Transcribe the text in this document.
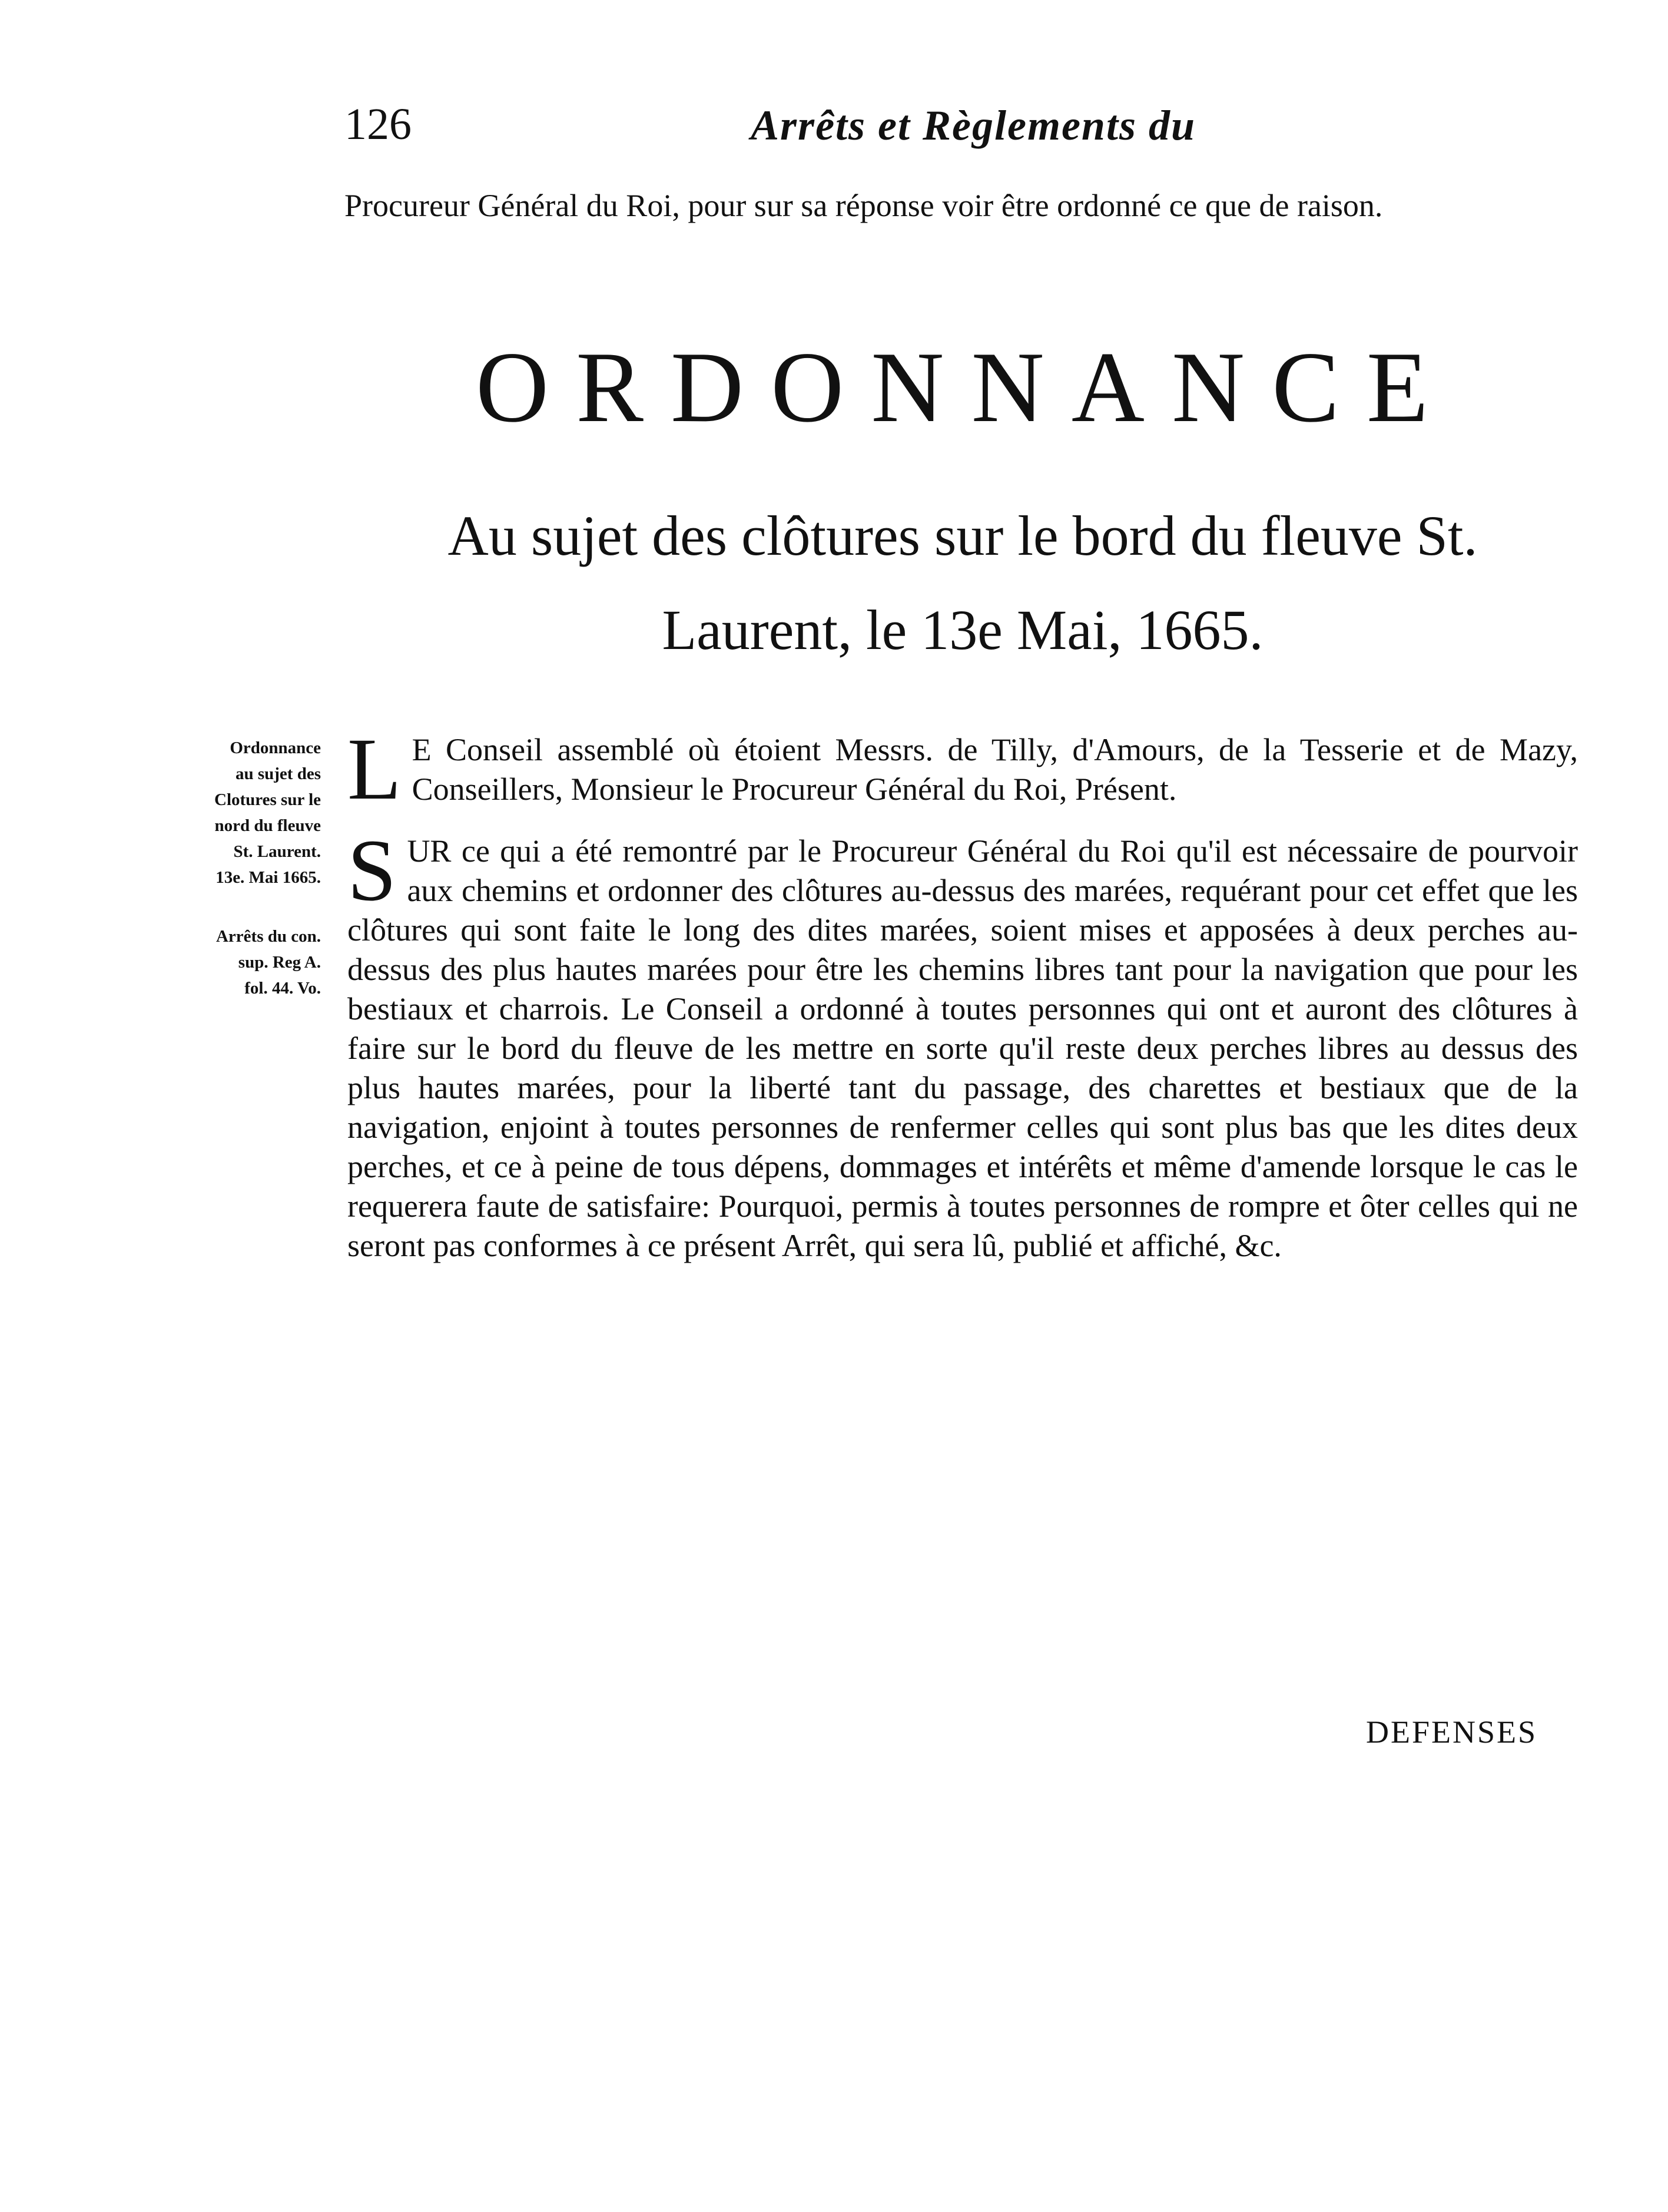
126	Arrêts et Règlements du
Procureur Général du Roi, pour sur sa réponse voir être ordonné ce que de raison.
ORDONNANCE
Au sujet des clôtures sur le bord du fleuve St.
Laurent, le 13e Mai, 1665.
Ordonnance
au sujet des
Clotures sur le
nord du fleuve
St. Laurent.
13e. Mai 1665.
Arrêts du con.
sup. Reg A.
fol. 44. Vo.
L E Conseil assemblé où étoient Messrs. de Tilly, d'Amours, de la Tesserie et de Mazy, Conseillers, Monsieur le Procureur Général du Roi, Présent.
S UR ce qui a été remontré par le Procureur Général du Roi qu'il est nécessaire de pourvoir aux chemins et ordonner des clôtures au-dessus des marées, requérant pour cet effet que les clôtures qui sont faite le long des dites marées, soient mises et apposées à deux perches au-dessus des plus hautes marées pour être les chemins libres tant pour la navigation que pour les bestiaux et charrois. Le Conseil a ordonné à toutes personnes qui ont et auront des clôtures à faire sur le bord du fleuve de les mettre en sorte qu'il reste deux perches libres au dessus des plus hautes marées, pour la liberté tant du passage, des charettes et bestiaux que de la navigation, enjoint à toutes personnes de renfermer celles qui sont plus bas que les dites deux perches, et ce à peine de tous dépens, dommages et intérêts et même d'amende lorsque le cas le requerera faute de satisfaire: Pourquoi, permis à toutes personnes de rompre et ôter celles qui ne seront pas conformes à ce présent Arrêt, qui sera lû, publié et affiché, &c.
DEFENSES
